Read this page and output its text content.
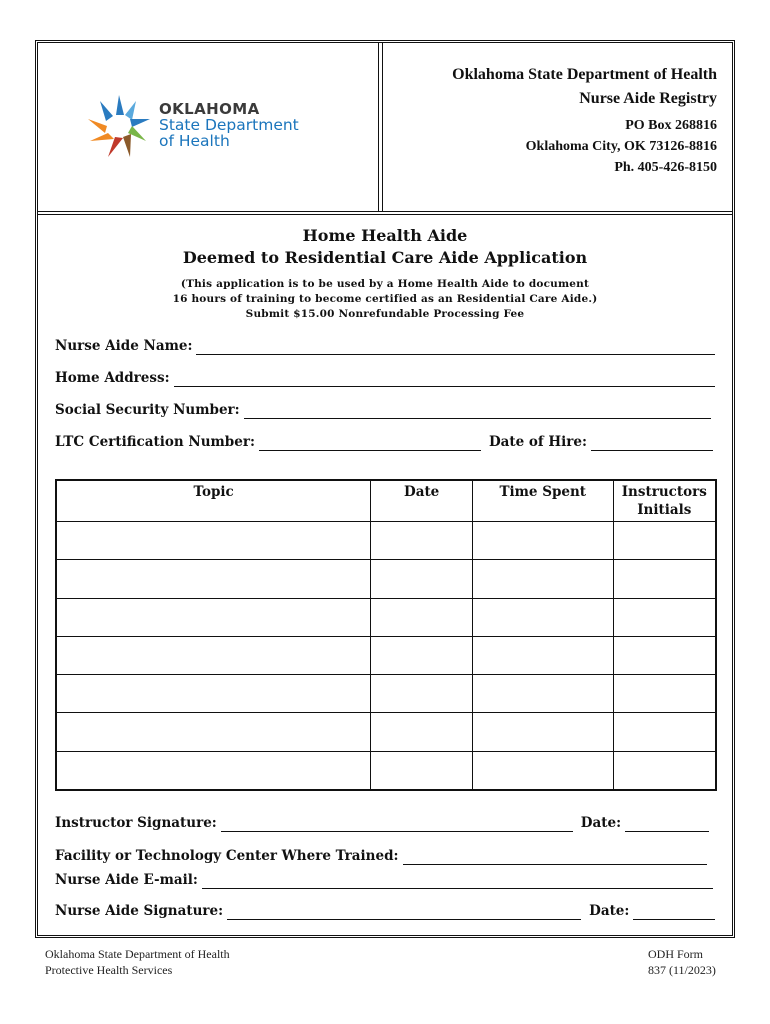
OKLAHOMA
State Department
of Health
Oklahoma State Department of Health
Nurse Aide Registry
PO Box 268816
Oklahoma City, OK 73126-8816
Ph. 405-426-8150
Home Health Aide
Deemed to Residential Care Aide Application
(This application is to be used by a Home Health Aide to document
16 hours of training to become certified as an Residential Care Aide.)
Submit $15.00 Nonrefundable Processing Fee
Nurse Aide Name:
Home Address:
Social Security Number:
LTC Certification Number:	Date of Hire:
Topic	Date	Time Spent	Instructors
Initials

Instructor Signature:	Date:
Facility or Technology Center Where Trained:
Nurse Aide E-mail:
Nurse Aide Signature:	Date:
Oklahoma State Department of Health
Protective Health Services
ODH Form
837 (11/2023)
